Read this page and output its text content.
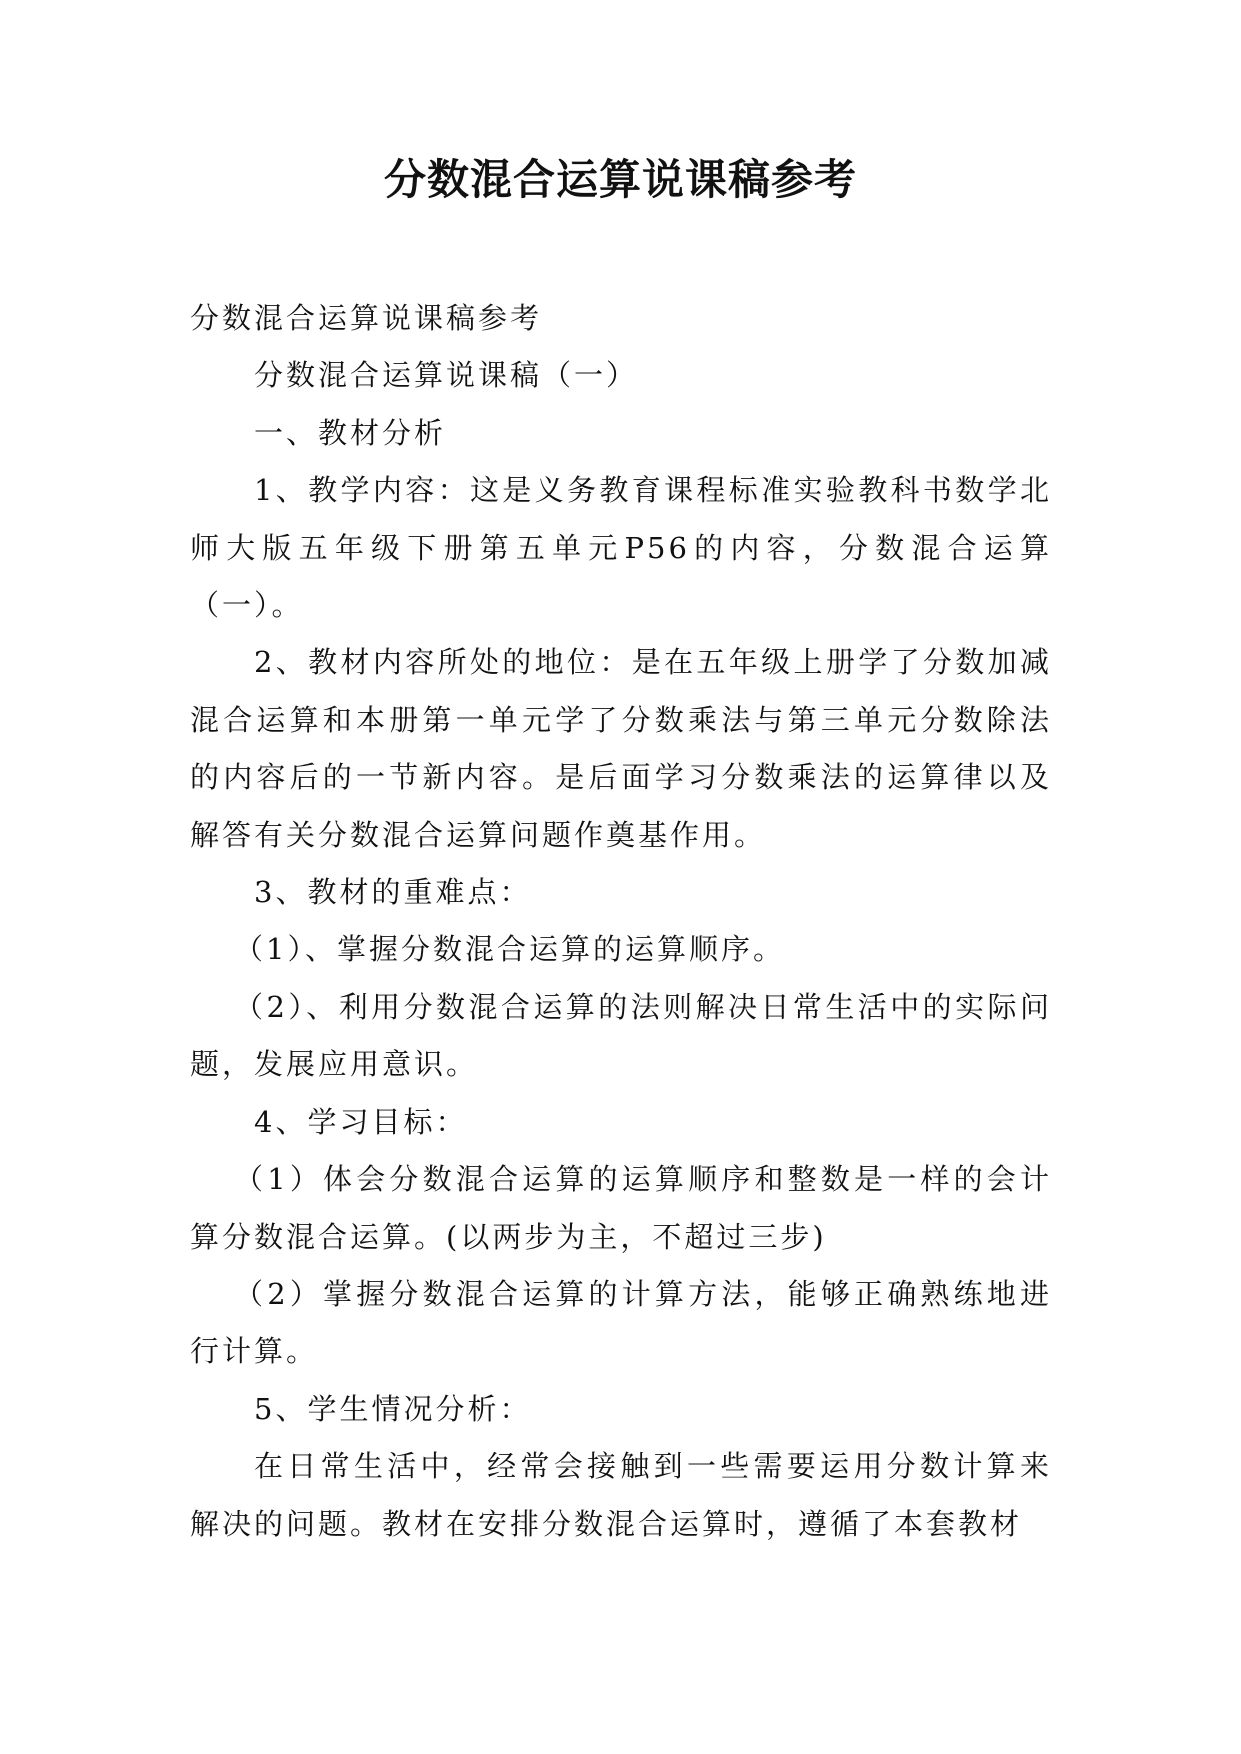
分数混合运算说课稿参考

分数混合运算说课稿参考

分数混合运算说课稿（一）

一、教材分析

1、教学内容：这是义务教育课程标准实验教科书数学北师大版五年级下册第五单元P56的内容，分数混合运算（一）。

2、教材内容所处的地位：是在五年级上册学了分数加减混合运算和本册第一单元学了分数乘法与第三单元分数除法的内容后的一节新内容。是后面学习分数乘法的运算律以及解答有关分数混合运算问题作奠基作用。

3、教材的重难点：

（1）、掌握分数混合运算的运算顺序。

（2）、利用分数混合运算的法则解决日常生活中的实际问题，发展应用意识。

4、学习目标：

（1）体会分数混合运算的运算顺序和整数是一样的会计算分数混合运算。(以两步为主，不超过三步)

（2）掌握分数混合运算的计算方法，能够正确熟练地进行计算。

5、学生情况分析：

在日常生活中，经常会接触到一些需要运用分数计算来解决的问题。教材在安排分数混合运算时，遵循了本套教材
